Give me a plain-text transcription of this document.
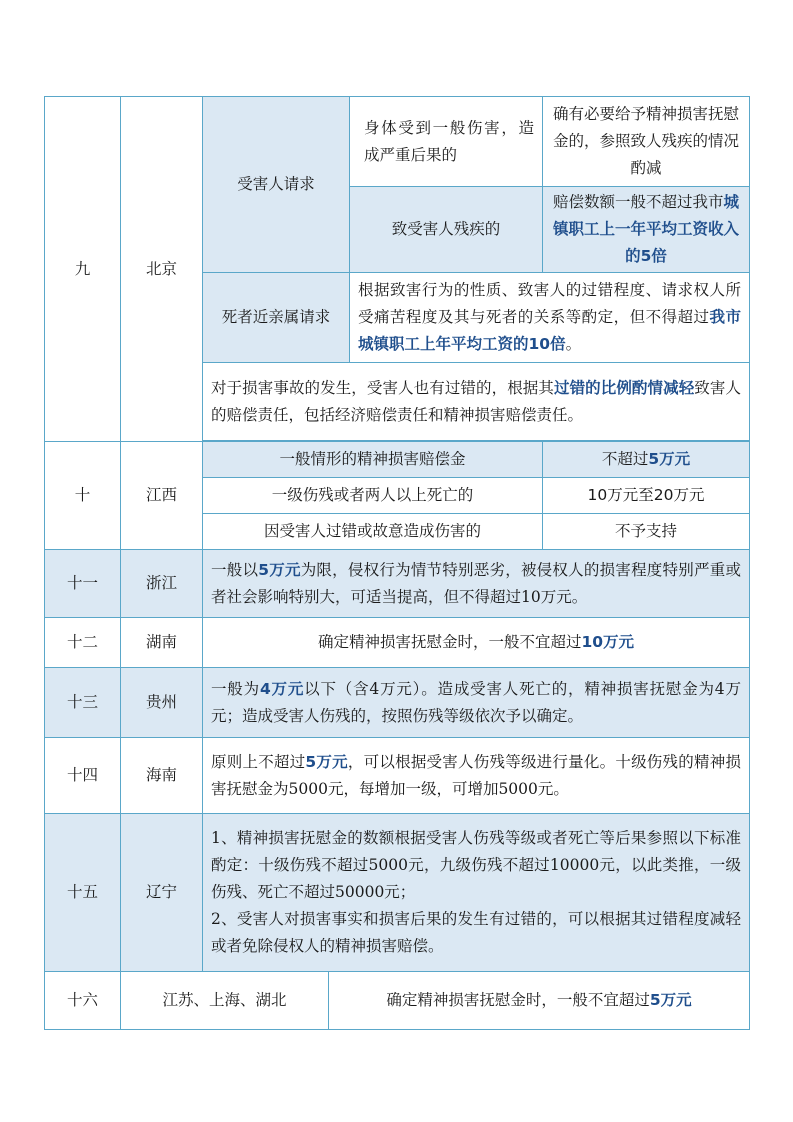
九	北京	受害人请求	身体受到一般伤害，造成严重后果的	确有必要给予精神损害抚慰金的，参照致人残疾的情况酌减
			致受害人残疾的	赔偿数额一般不超过我市城镇职工上一年平均工资收入的5倍
		死者近亲属请求	根据致害行为的性质、致害人的过错程度、请求权人所受痛苦程度及其与死者的关系等酌定，但不得超过我市城镇职工上年平均工资的10倍。	
		对于损害事故的发生，受害人也有过错的，根据其过错的比例酌情减轻致害人的赔偿责任，包括经济赔偿责任和精神损害赔偿责任。		

十	江西	一般情形的精神损害赔偿金		不超过5万元
		一级伤残或者两人以上死亡的		10万元至20万元
		因受害人过错或故意造成伤害的		不予支持
十一	浙江	一般以5万元为限，侵权行为情节特别恶劣，被侵权人的损害程度特别严重或者社会影响特别大，可适当提高，但不得超过10万元。		
十二	湖南	确定精神损害抚慰金时，一般不宜超过10万元		
十三	贵州	一般为4万元以下（含4万元）。造成受害人死亡的，精神损害抚慰金为4万元；造成受害人伤残的，按照伤残等级依次予以确定。		
十四	海南	原则上不超过5万元，可以根据受害人伤残等级进行量化。十级伤残的精神损害抚慰金为5000元，每增加一级，可增加5000元。		
十五	辽宁	1、精神损害抚慰金的数额根据受害人伤残等级或者死亡等后果参照以下标准酌定：十级伤残不超过5000元，九级伤残不超过10000元，以此类推，一级伤残、死亡不超过50000元；
2、受害人对损害事实和损害后果的发生有过错的，可以根据其过错程度减轻或者免除侵权人的精神损害赔偿。		
十六	江苏、上海、湖北	确定精神损害抚慰金时，一般不宜超过5万元
